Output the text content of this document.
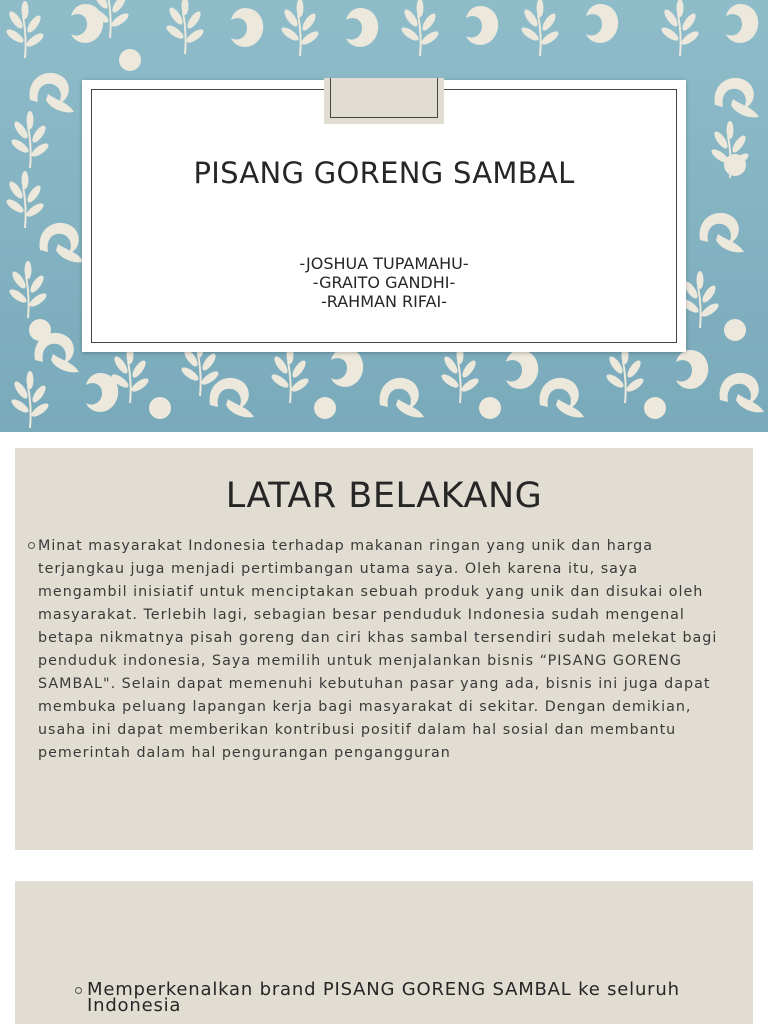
PISANG GORENG SAMBAL
-JOSHUA TUPAMAHU-
-GRAITO GANDHI-
-RAHMAN RIFAI-
LATAR BELAKANG
Minat masyarakat Indonesia terhadap makanan ringan yang unik dan harga terjangkau juga menjadi pertimbangan utama saya. Oleh karena itu, saya mengambil inisiatif untuk menciptakan sebuah produk yang unik dan disukai oleh masyarakat. Terlebih lagi, sebagian besar penduduk Indonesia sudah mengenal betapa nikmatnya pisah goreng dan ciri khas sambal tersendiri sudah melekat bagi penduduk indonesia, Saya memilih untuk menjalankan bisnis “PISANG GORENG SAMBAL". Selain dapat memenuhi kebutuhan pasar yang ada, bisnis ini juga dapat membuka peluang lapangan kerja bagi masyarakat di sekitar. Dengan demikian, usaha ini dapat memberikan kontribusi positif dalam hal sosial dan membantu pemerintah dalam hal pengurangan pengangguran
Memperkenalkan brand PISANG GORENG SAMBAL ke seluruh Indonesia
